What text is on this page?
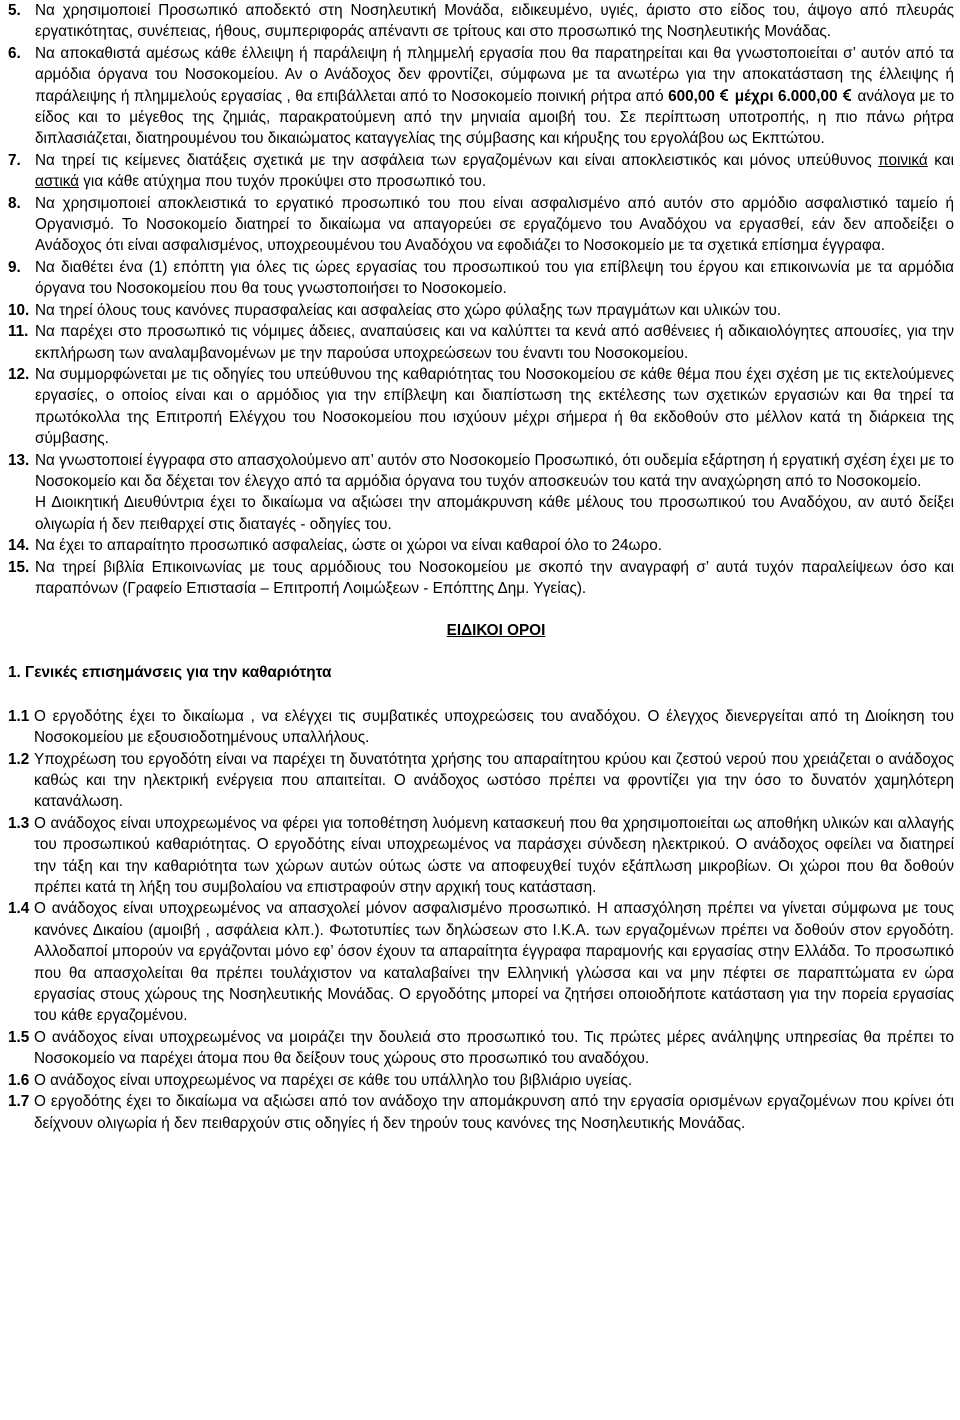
5. Να χρησιμοποιεί Προσωπικό αποδεκτό στη Νοσηλευτική Μονάδα, ειδικευμένο, υγιές, άριστο στο είδος του, άψογο από πλευράς εργατικότητας, συνέπειας, ήθους, συμπεριφοράς απέναντι σε τρίτους και στο προσωπικό της Νοσηλευτικής Μονάδας.
6. Να αποκαθιστά αμέσως κάθε έλλειψη ή παράλειψη ή πλημμελή εργασία που θα παρατηρείται και θα γνωστοποιείται σ’ αυτόν από τα αρμόδια όργανα του Νοσοκομείου. Αν ο Ανάδοχος δεν φροντίζει, σύμφωνα με τα ανωτέρω για την αποκατάσταση της έλλειψης ή παράλειψης ή πλημμελούς εργασίας , θα επιβάλλεται από το Νοσοκομείο ποινική ρήτρα από 600,00 μέχρι 6.000,00 ανάλογα με το είδος και το μέγεθος της ζημιάς, παρακρατούμενη από την μηνιαία αμοιβή του. Σε περίπτωση υποτροπής, η πιο πάνω ρήτρα διπλασιάζεται, διατηρουμένου του δικαιώματος καταγγελίας της σύμβασης και κήρυξης του εργολάβου ως Εκπτώτου.
7. Να τηρεί τις κείμενες διατάξεις σχετικά με την ασφάλεια των εργαζομένων και είναι αποκλειστικός και μόνος υπεύθυνος ποινικά και αστικά για κάθε ατύχημα που τυχόν προκύψει στο προσωπικό του.
8. Να χρησιμοποιεί αποκλειστικά το εργατικό προσωπικό του που είναι ασφαλισμένο από αυτόν στο αρμόδιο ασφαλιστικό ταμείο ή Οργανισμό. Το Νοσοκομείο διατηρεί το δικαίωμα να απαγορεύει σε εργαζόμενο του Αναδόχου να εργασθεί, εάν δεν αποδείξει ο Ανάδοχος ότι είναι ασφαλισμένος, υποχρεουμένου του Αναδόχου να εφοδιάζει το Νοσοκομείο με τα σχετικά επίσημα έγγραφα.
9. Να διαθέτει ένα (1) επόπτη για όλες τις ώρες εργασίας του προσωπικού του για επίβλεψη του έργου και επικοινωνία με τα αρμόδια όργανα του Νοσοκομείου που θα τους γνωστοποιήσει το Νοσοκομείο.
10. Να τηρεί όλους τους κανόνες πυρασφαλείας και ασφαλείας στο χώρο φύλαξης των πραγμάτων και υλικών του.
11. Να παρέχει στο προσωπικό τις νόμιμες άδειες, αναπαύσεις και να καλύπτει τα κενά από ασθένειες ή αδικαιολόγητες απουσίες, για την εκπλήρωση των αναλαμβανομένων με την παρούσα υποχρεώσεων του έναντι του Νοσοκομείου.
12. Να συμμορφώνεται με τις οδηγίες του υπεύθυνου της καθαριότητας του Νοσοκομείου σε κάθε θέμα που έχει σχέση με τις εκτελούμενες εργασίες, ο οποίος είναι και ο αρμόδιος για την επίβλεψη και διαπίστωση της εκτέλεσης των σχετικών εργασιών και θα τηρεί τα πρωτόκολλα της Επιτροπή Ελέγχου του Νοσοκομείου που ισχύουν μέχρι σήμερα ή θα εκδοθούν στο μέλλον κατά τη διάρκεια της σύμβασης.
13. Να γνωστοποιεί έγγραφα στο απασχολούμενο απ’ αυτόν στο Νοσοκομείο Προσωπικό, ότι ουδεμία εξάρτηση ή εργατική σχέση έχει με το Νοσοκομείο και δα δέχεται τον έλεγχο από τα αρμόδια όργανα του τυχόν αποσκευών του κατά την αναχώρηση από το Νοσοκομείο.
Η Διοικητική Διευθύντρια έχει το δικαίωμα να αξιώσει την απομάκρυνση κάθε μέλους του προσωπικού του Αναδόχου, αν αυτό δείξει ολιγωρία ή δεν πειθαρχεί στις διαταγές - οδηγίες του.
14. Να έχει το απαραίτητο προσωπικό ασφαλείας, ώστε οι χώροι να είναι καθαροί όλο το 24ωρο.
15. Να τηρεί βιβλία Επικοινωνίας με τους αρμόδιους του Νοσοκομείου με σκοπό την αναγραφή σ’ αυτά τυχόν παραλείψεων όσο και παραπόνων (Γραφείο Επιστασία – Επιτροπή Λοιμώξεων - Επόπτης Δημ. Υγείας).
ΕΙΔΙΚΟΙ ΟΡΟΙ
1. Γενικές επισημάνσεις για την καθαριότητα
1.1 Ο εργοδότης έχει το δικαίωμα , να ελέγχει τις συμβατικές υποχρεώσεις του αναδόχου. Ο έλεγχος διενεργείται από τη Διοίκηση του Νοσοκομείου με εξουσιοδοτημένους υπαλλήλους.
1.2 Υποχρέωση του εργοδότη είναι να παρέχει τη δυνατότητα χρήσης του απαραίτητου κρύου και ζεστού νερού που χρειάζεται ο ανάδοχος καθώς και την ηλεκτρική ενέργεια που απαιτείται. Ο ανάδοχος ωστόσο πρέπει να φροντίζει για την όσο το δυνατόν χαμηλότερη κατανάλωση.
1.3 Ο ανάδοχος είναι υποχρεωμένος να φέρει για τοποθέτηση λυόμενη κατασκευή που θα χρησιμοποιείται ως αποθήκη υλικών και αλλαγής του προσωπικού καθαριότητας. Ο εργοδότης είναι υποχρεωμένος να παράσχει σύνδεση ηλεκτρικού. Ο ανάδοχος οφείλει να διατηρεί την τάξη και την καθαριότητα των χώρων αυτών ούτως ώστε να αποφευχθεί τυχόν εξάπλωση μικροβίων. Οι χώροι που θα δοθούν πρέπει κατά τη λήξη του συμβολαίου να επιστραφούν στην αρχική τους κατάσταση.
1.4 Ο ανάδοχος είναι υποχρεωμένος να απασχολεί μόνον ασφαλισμένο προσωπικό. Η απασχόληση πρέπει να γίνεται σύμφωνα με τους κανόνες Δικαίου (αμοιβή , ασφάλεια κλπ.). Φωτοτυπίες των δηλώσεων στο Ι.Κ.Α. των εργαζομένων πρέπει να δοθούν στον εργοδότη. Αλλοδαποί μπορούν να εργάζονται μόνο εφ’ όσον έχουν τα απαραίτητα έγγραφα παραμονής και εργασίας στην Ελλάδα. Το προσωπικό που θα απασχολείται θα πρέπει τουλάχιστον να καταλαβαίνει την Ελληνική γλώσσα και να μην πέφτει σε παραπτώματα εν ώρα εργασίας στους χώρους της Νοσηλευτικής Μονάδας. Ο εργοδότης μπορεί να ζητήσει οποιοδήποτε κατάσταση για την πορεία εργασίας του κάθε εργαζομένου.
1.5 Ο ανάδοχος είναι υποχρεωμένος να μοιράζει την δουλειά στο προσωπικό του. Τις πρώτες μέρες ανάληψης υπηρεσίας θα πρέπει το Νοσοκομείο να παρέχει άτομα που θα δείξουν τους χώρους στο προσωπικό του αναδόχου.
1.6 Ο ανάδοχος είναι υποχρεωμένος να παρέχει σε κάθε του υπάλληλο του βιβλιάριο υγείας.
1.7 Ο εργοδότης έχει το δικαίωμα να αξιώσει από τον ανάδοχο την απομάκρυνση από την εργασία ορισμένων εργαζομένων που κρίνει ότι δείχνουν ολιγωρία ή δεν πειθαρχούν στις οδηγίες ή δεν τηρούν τους κανόνες της Νοσηλευτικής Μονάδας.
